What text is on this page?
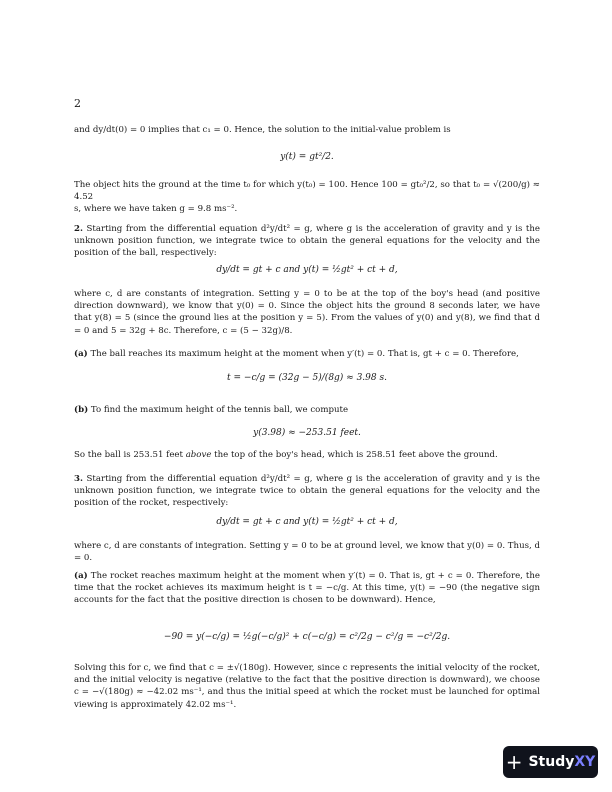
2
and dy/dt(0) = 0 implies that c₁ = 0. Hence, the solution to the initial-value problem is
y(t) = gt²/2.
The object hits the ground at the time t₀ for which y(t₀) = 100. Hence 100 = gt₀²/2, so that t₀ = √(200/g) ≈ 4.52
s, where we have taken g = 9.8 ms⁻².
2. Starting from the differential equation d²y/dt² = g, where g is the acceleration of gravity and y is the unknown position function, we integrate twice to obtain the general equations for the velocity and the position of the ball, respectively:
dy/dt = gt + c and y(t) = ½gt² + ct + d,
where c, d are constants of integration. Setting y = 0 to be at the top of the boy's head (and positive direction downward), we know that y(0) = 0. Since the object hits the ground 8 seconds later, we have that y(8) = 5 (since the ground lies at the position y = 5). From the values of y(0) and y(8), we find that d = 0 and 5 = 32g + 8c. Therefore, c = (5 − 32g)/8.
(a) The ball reaches its maximum height at the moment when y′(t) = 0. That is, gt + c = 0. Therefore,
t = −c/g = (32g − 5)/(8g) ≈ 3.98 s.
(b) To find the maximum height of the tennis ball, we compute
y(3.98) ≈ −253.51 feet.
So the ball is 253.51 feet above the top of the boy's head, which is 258.51 feet above the ground.
3. Starting from the differential equation d²y/dt² = g, where g is the acceleration of gravity and y is the unknown position function, we integrate twice to obtain the general equations for the velocity and the position of the rocket, respectively:
dy/dt = gt + c and y(t) = ½gt² + ct + d,
where c, d are constants of integration. Setting y = 0 to be at ground level, we know that y(0) = 0. Thus, d = 0.
(a) The rocket reaches maximum height at the moment when y′(t) = 0. That is, gt + c = 0. Therefore, the time that the rocket achieves its maximum height is t = −c/g. At this time, y(t) = −90 (the negative sign accounts for the fact that the positive direction is chosen to be downward). Hence,
−90 = y(−c/g) = ½g(−c/g)² + c(−c/g) = c²/2g − c²/g = −c²/2g.
Solving this for c, we find that c = ±√(180g). However, since c represents the initial velocity of the rocket, and the initial velocity is negative (relative to the fact that the positive direction is downward), we choose c = −√(180g) ≈ −42.02 ms⁻¹, and thus the initial speed at which the rocket must be launched for optimal viewing is approximately 42.02 ms⁻¹.
+ Study XY
